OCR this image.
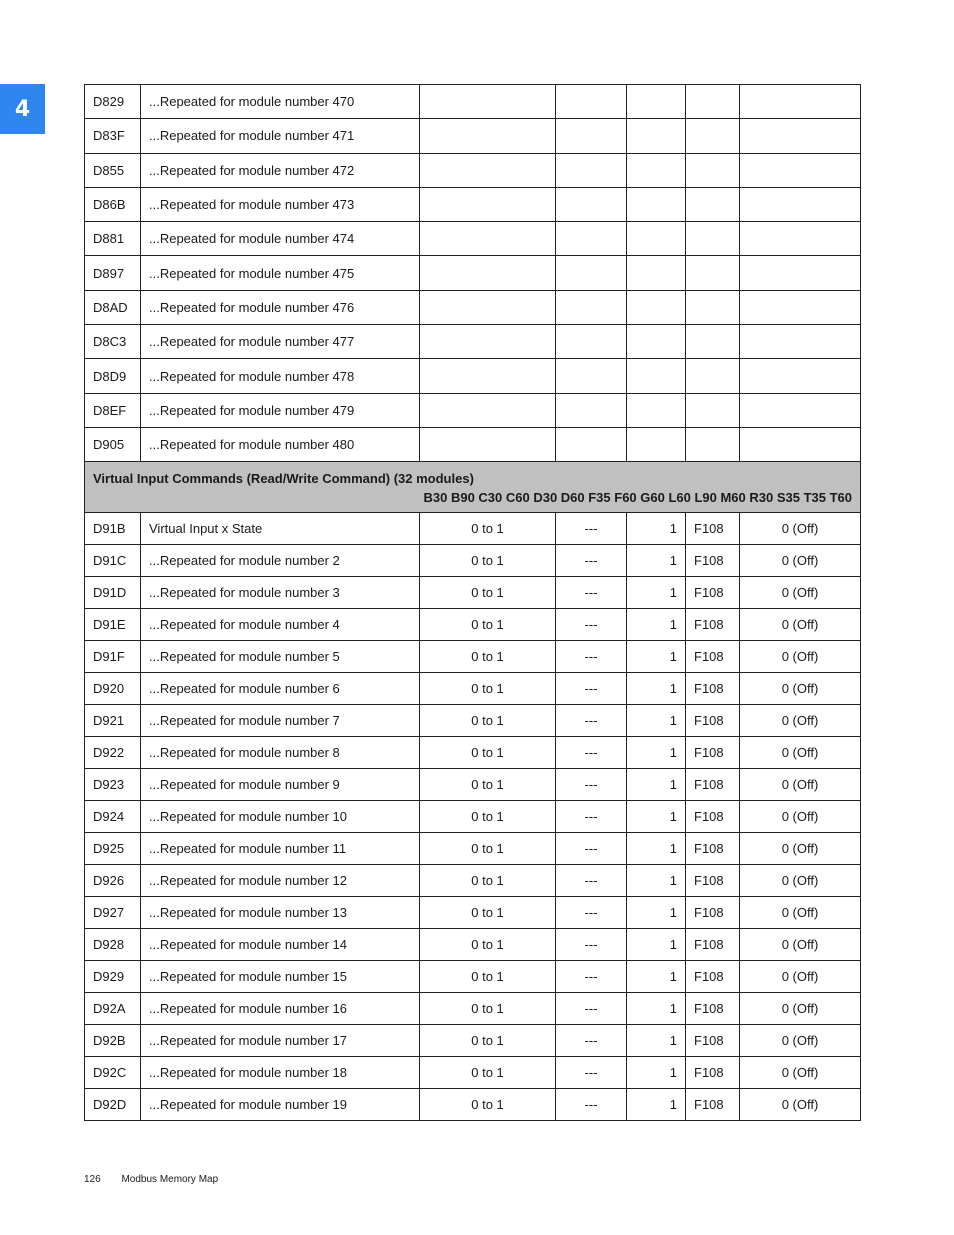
4	D829	...Repeated for module number 470					
D83F	...Repeated for module number 471					
D855	...Repeated for module number 472					
D86B	...Repeated for module number 473					
D881	...Repeated for module number 474					
D897	...Repeated for module number 475					
D8AD	...Repeated for module number 476					
D8C3	...Repeated for module number 477					
D8D9	...Repeated for module number 478					
D8EF	...Repeated for module number 479					
D905	...Repeated for module number 480					

Virtual Input Commands (Read/Write Command) (32 modules)
B30 B90 C30 C60 D30 D60 F35 F60 G60 L60 L90 M60 R30 S35 T35 T60						

D91B	Virtual Input x State	0 to 1	---	1	F108	0 (Off)
D91C	...Repeated for module number 2	0 to 1	---	1	F108	0 (Off)
D91D	...Repeated for module number 3	0 to 1	---	1	F108	0 (Off)
D91E	...Repeated for module number 4	0 to 1	---	1	F108	0 (Off)
D91F	...Repeated for module number 5	0 to 1	---	1	F108	0 (Off)
D920	...Repeated for module number 6	0 to 1	---	1	F108	0 (Off)
D921	...Repeated for module number 7	0 to 1	---	1	F108	0 (Off)
D922	...Repeated for module number 8	0 to 1	---	1	F108	0 (Off)
D923	...Repeated for module number 9	0 to 1	---	1	F108	0 (Off)
D924	...Repeated for module number 10	0 to 1	---	1	F108	0 (Off)
D925	...Repeated for module number 11	0 to 1	---	1	F108	0 (Off)
D926	...Repeated for module number 12	0 to 1	---	1	F108	0 (Off)
D927	...Repeated for module number 13	0 to 1	---	1	F108	0 (Off)
D928	...Repeated for module number 14	0 to 1	---	1	F108	0 (Off)
D929	...Repeated for module number 15	0 to 1	---	1	F108	0 (Off)
D92A	...Repeated for module number 16	0 to 1	---	1	F108	0 (Off)
D92B	...Repeated for module number 17	0 to 1	---	1	F108	0 (Off)
D92C	...Repeated for module number 18	0 to 1	---	1	F108	0 (Off)
D92D	...Repeated for module number 19	0 to 1	---	1	F108	0 (Off)
126 Modbus Memory Map
